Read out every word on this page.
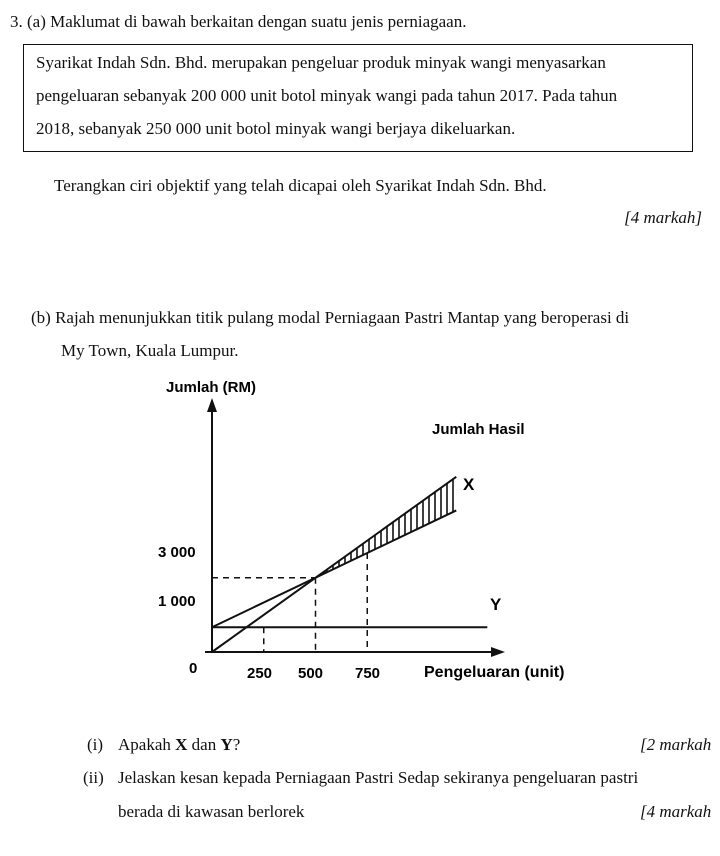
3. (a) Maklumat di bawah berkaitan dengan suatu jenis perniagaan.
Syarikat Indah Sdn. Bhd. merupakan pengeluar produk minyak wangi menyasarkan
pengeluaran sebanyak 200 000 unit botol minyak wangi pada tahun 2017. Pada tahun
2018, sebanyak 250 000 unit botol minyak wangi berjaya dikeluarkan.
Terangkan ciri objektif yang telah dicapai oleh Syarikat Indah Sdn. Bhd.
[4 markah]
(b) Rajah menunjukkan titik pulang modal Perniagaan Pastri Mantap yang beroperasi di
My Town, Kuala Lumpur.
Jumlah (RM)
Pengeluaran (unit)
0	250 500 750
1 000
3 000
Jumlah Hasil
X
Y
(i) Apakah X dan Y?	[2 markah
(ii) Jelaskan kesan kepada Perniagaan Pastri Sedap sekiranya pengeluaran pastri
berada di kawasan berlorek	[4 markah
